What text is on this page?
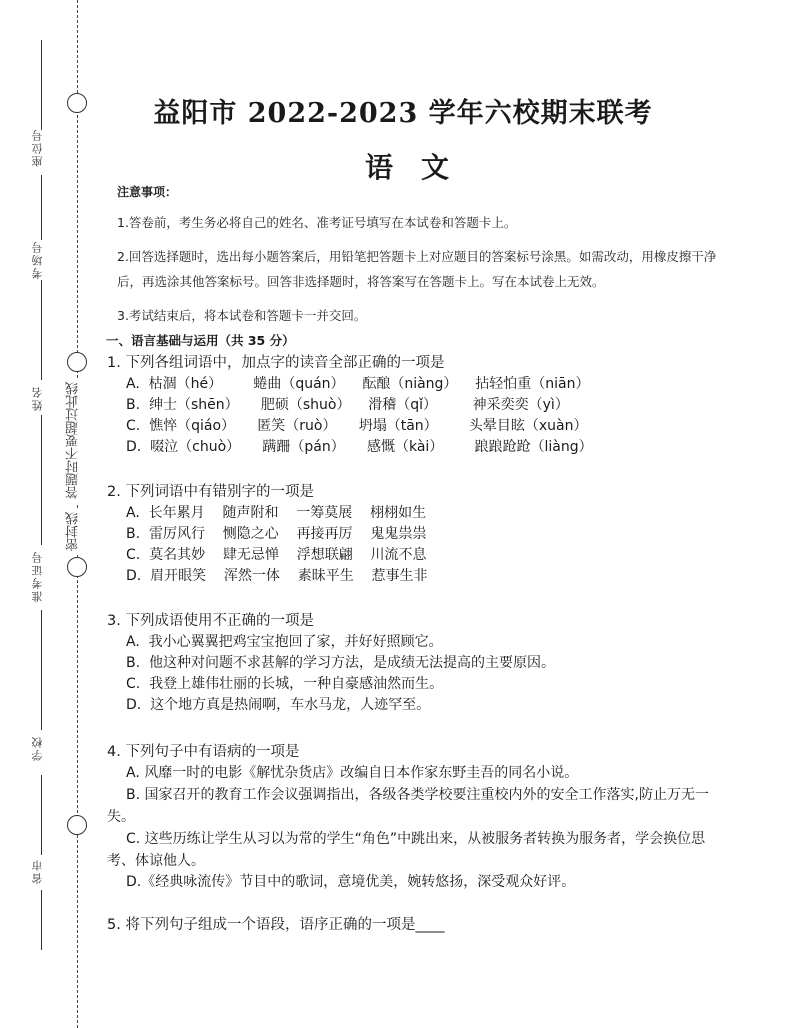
座位号
考场号
姓名
准考证号
学校
省市
答题时不要超过此线
密封线
益阳市 2022-2023 学年六校期末联考
语　文
注意事项：

1.答卷前，考生务必将自己的姓名、准考证号填写在本试卷和答题卡上。

2.回答选择题时，选出每小题答案后，用铅笔把答题卡上对应题目的答案标号涂黑。如需改动，用橡皮擦干净后，再选涂其他答案标号。回答非选择题时，将答案写在答题卡上。写在本试卷上无效。

3.考试结束后，将本试卷和答题卡一并交回。

一、语言基础与运用（共 35 分）

1. 下列各组词语中，加点字的读音全部正确的一项是

A.  枯涸（hé）       蜷曲（quán）    酝酿（niàng）    拈轻怕重（niān）

B.  绅士（shēn）     肥硕（shuò）    滑稽（qǐ）        神采奕奕（yì）

C.  憔悴（qiáo）     匿笑（ruò）     坍塌（tān）       头晕目眩（xuàn）

D.  啜泣（chuò）     蹒跚（pán）     感慨（kài）       踉踉跄跄（liàng）

2. 下列词语中有错别字的一项是

A.  长年累月    随声附和    一筹莫展    栩栩如生

B.  雷厉风行    恻隐之心    再接再厉    鬼鬼祟祟

C.  莫名其妙    肆无忌惮    浮想联翩    川流不息

D.  眉开眼笑    浑然一体    素昧平生    惹事生非

3. 下列成语使用不正确的一项是

A.  我小心翼翼把鸡宝宝抱回了家，并好好照顾它。

B.  他这种对问题不求甚解的学习方法，是成绩无法提高的主要原因。

C.  我登上雄伟壮丽的长城，一种自豪感油然而生。

D.  这个地方真是热闹啊，车水马龙，人迹罕至。

4. 下列句子中有语病的一项是

A. 风靡一时的电影《解忧杂货店》改编自日本作家东野圭吾的同名小说。

B. 国家召开的教育工作会议强调指出，各级各类学校要注重校内外的安全工作落实,防止万无一失。

C. 这些历练让学生从习以为常的学生“角色”中跳出来，从被服务者转换为服务者，学会换位思考、体谅他人。

D.《经典咏流传》节目中的歌词，意境优美，婉转悠扬，深受观众好评。

5. 将下列句子组成一个语段，语序正确的一项是____
